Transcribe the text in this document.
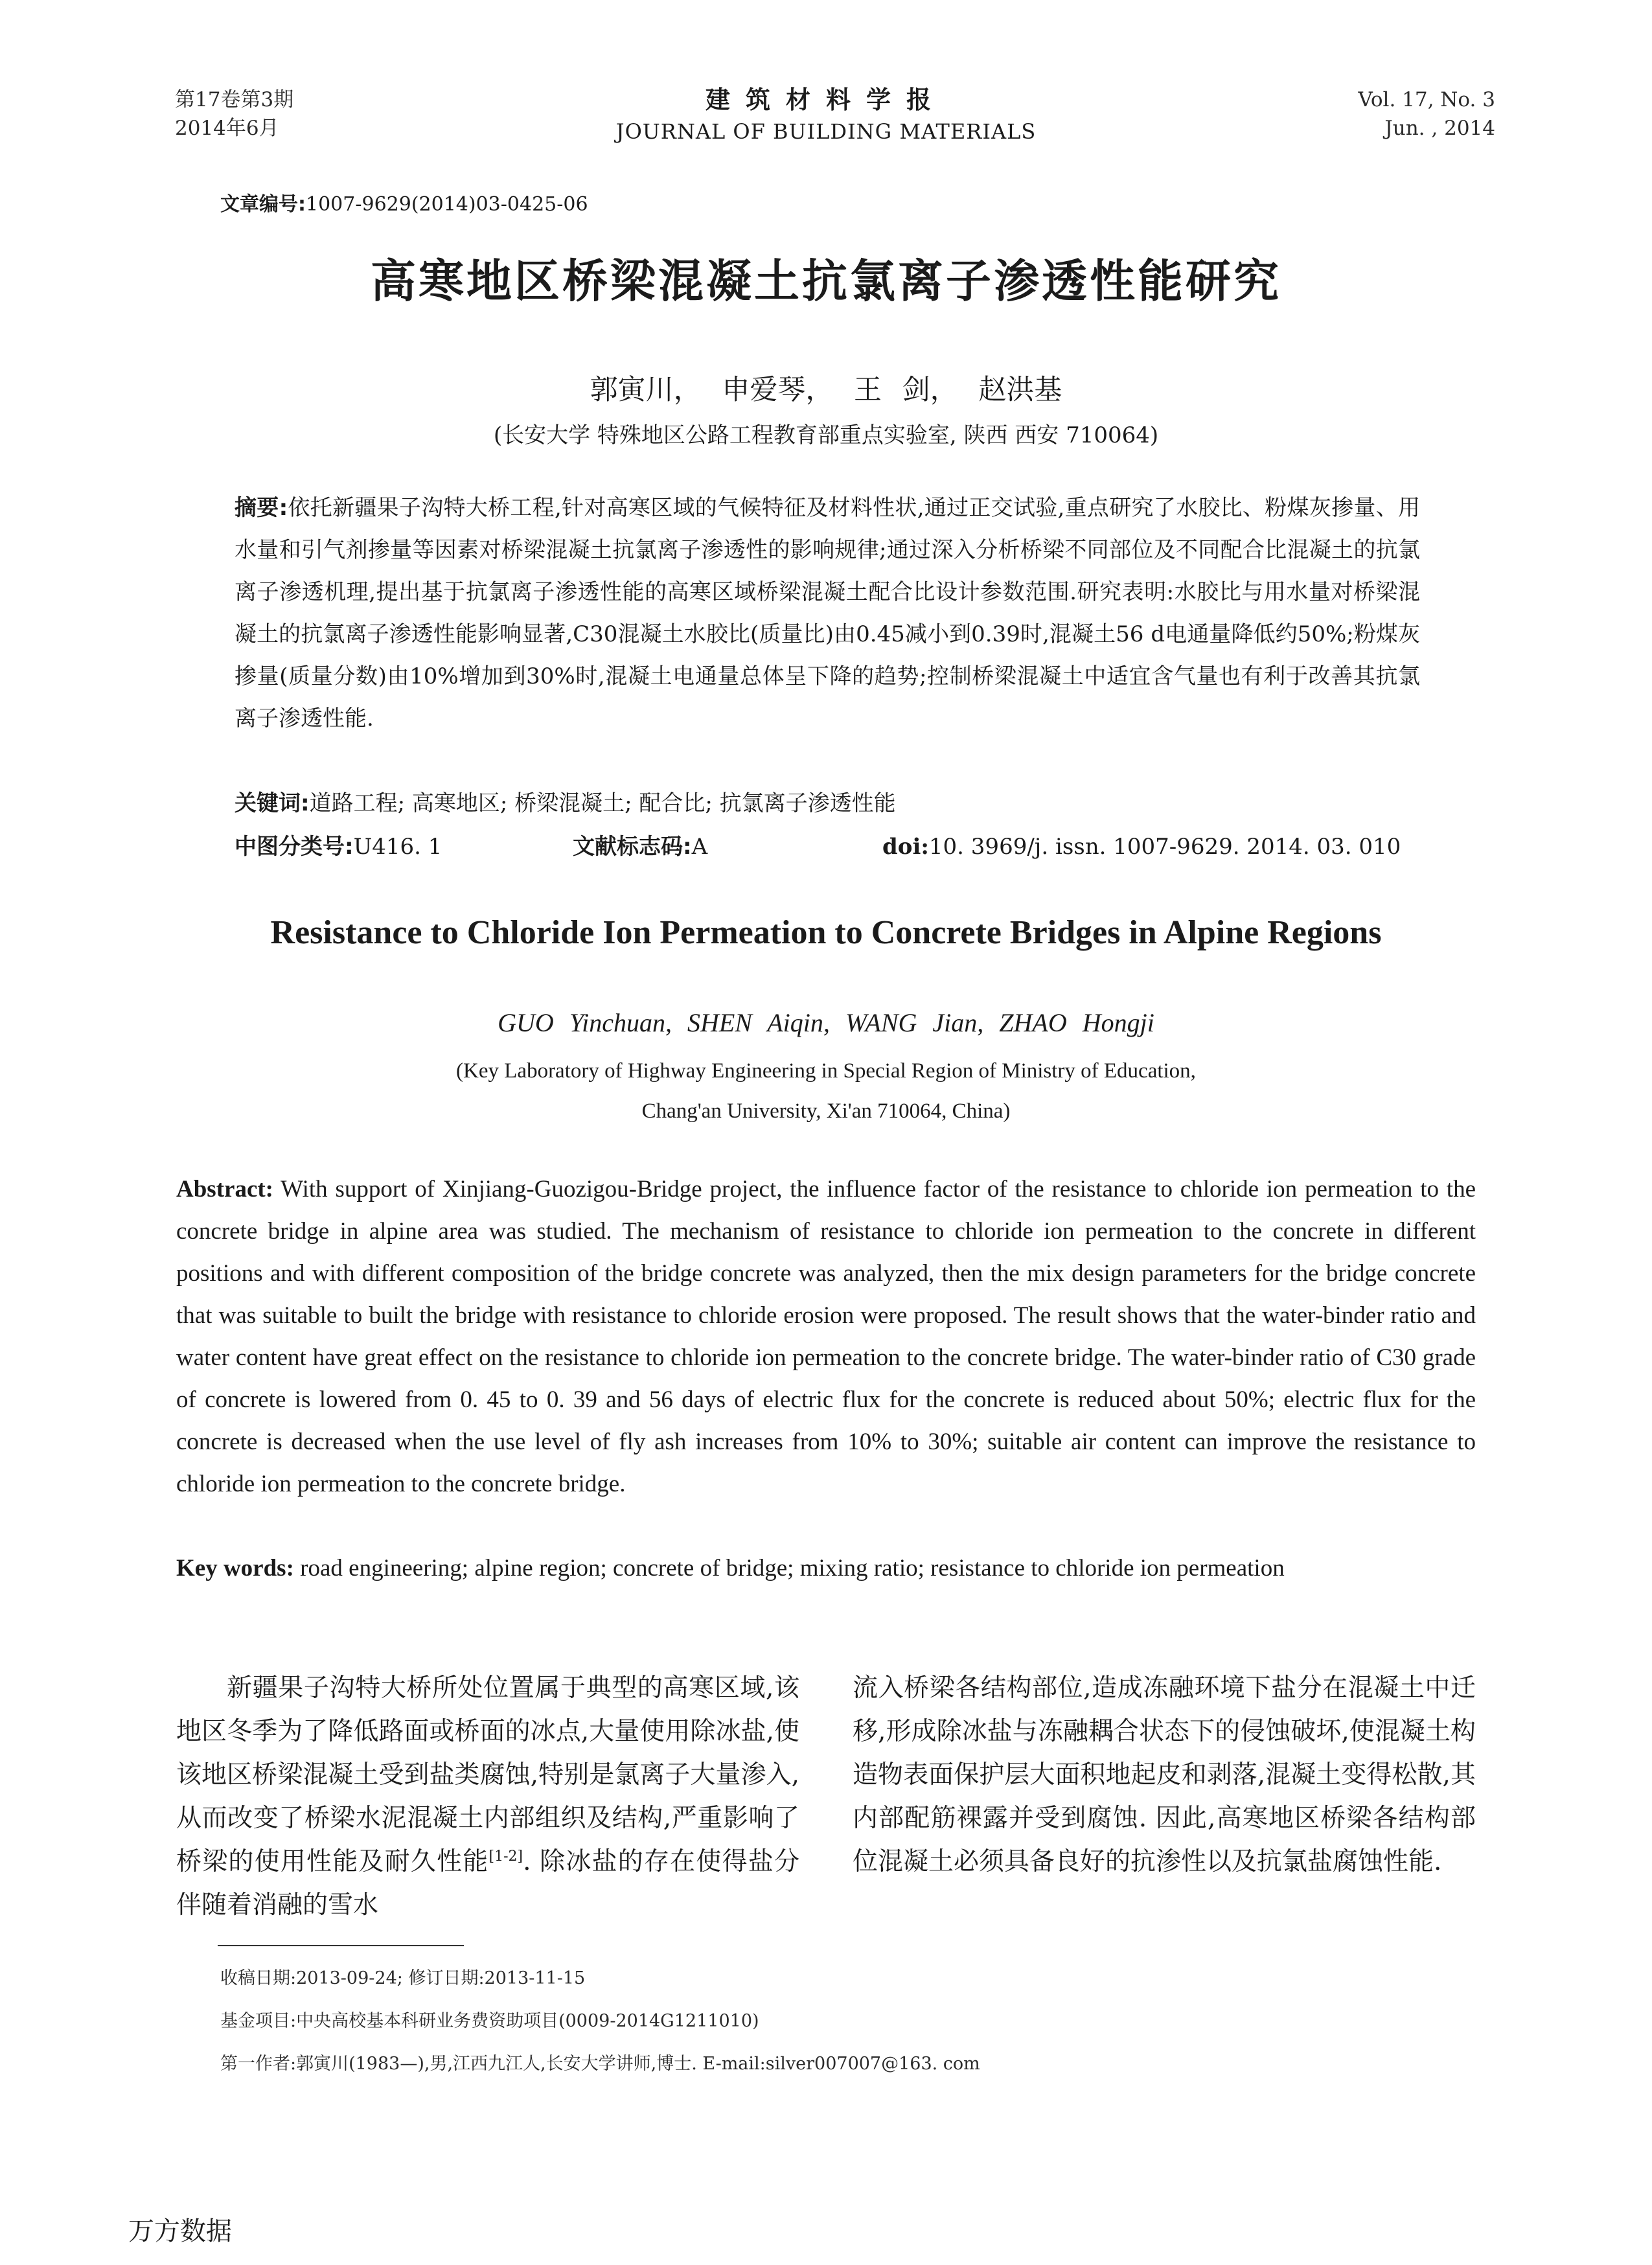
第17卷第3期
2014年6月
建筑材料学报
JOURNAL OF BUILDING MATERIALS
Vol. 17, No. 3
Jun. , 2014
文章编号:1007-9629(2014)03-0425-06
高寒地区桥梁混凝土抗氯离子渗透性能研究
郭寅川， 申爱琴， 王 剑， 赵洪基
(长安大学 特殊地区公路工程教育部重点实验室, 陕西 西安 710064)
摘要:依托新疆果子沟特大桥工程,针对高寒区域的气候特征及材料性状,通过正交试验,重点研究了水胶比、粉煤灰掺量、用水量和引气剂掺量等因素对桥梁混凝土抗氯离子渗透性的影响规律;通过深入分析桥梁不同部位及不同配合比混凝土的抗氯离子渗透机理,提出基于抗氯离子渗透性能的高寒区域桥梁混凝土配合比设计参数范围.研究表明:水胶比与用水量对桥梁混凝土的抗氯离子渗透性能影响显著,C30混凝土水胶比(质量比)由0.45减小到0.39时,混凝土56 d电通量降低约50%;粉煤灰掺量(质量分数)由10%增加到30%时,混凝土电通量总体呈下降的趋势;控制桥梁混凝土中适宜含气量也有利于改善其抗氯离子渗透性能.
关键词:道路工程; 高寒地区; 桥梁混凝土; 配合比; 抗氯离子渗透性能
中图分类号:U416. 1	文献标志码:A	doi:10. 3969/j. issn. 1007-9629. 2014. 03. 010
Resistance to Chloride Ion Permeation to Concrete Bridges in Alpine Regions
GUO Yinchuan, SHEN Aiqin, WANG Jian, ZHAO Hongji
(Key Laboratory of Highway Engineering in Special Region of Ministry of Education,
Chang'an University, Xi'an 710064, China)
Abstract: With support of Xinjiang-Guozigou-Bridge project, the influence factor of the resistance to chloride ion permeation to the concrete bridge in alpine area was studied. The mechanism of resistance to chloride ion permeation to the concrete in different positions and with different composition of the bridge concrete was analyzed, then the mix design parameters for the bridge concrete that was suitable to built the bridge with resistance to chloride erosion were proposed. The result shows that the water-binder ratio and water content have great effect on the resistance to chloride ion permeation to the concrete bridge. The water-binder ratio of C30 grade of concrete is lowered from 0. 45 to 0. 39 and 56 days of electric flux for the concrete is reduced about 50%; electric flux for the concrete is decreased when the use level of fly ash increases from 10% to 30%; suitable air content can improve the resistance to chloride ion permeation to the concrete bridge.
Key words: road engineering; alpine region; concrete of bridge; mixing ratio; resistance to chloride ion permeation
新疆果子沟特大桥所处位置属于典型的高寒区域,该地区冬季为了降低路面或桥面的冰点,大量使用除冰盐,使该地区桥梁混凝土受到盐类腐蚀,特别是氯离子大量渗入,从而改变了桥梁水泥混凝土内部组织及结构,严重影响了桥梁的使用性能及耐久性能[1-2]. 除冰盐的存在使得盐分伴随着消融的雪水
流入桥梁各结构部位,造成冻融环境下盐分在混凝土中迁移,形成除冰盐与冻融耦合状态下的侵蚀破坏,使混凝土构造物表面保护层大面积地起皮和剥落,混凝土变得松散,其内部配筋裸露并受到腐蚀. 因此,高寒地区桥梁各结构部位混凝土必须具备良好的抗渗性以及抗氯盐腐蚀性能.
收稿日期:2013-09-24; 修订日期:2013-11-15
基金项目:中央高校基本科研业务费资助项目(0009-2014G1211010)
第一作者:郭寅川(1983—),男,江西九江人,长安大学讲师,博士. E-mail:silver007007@163. com
万方数据
